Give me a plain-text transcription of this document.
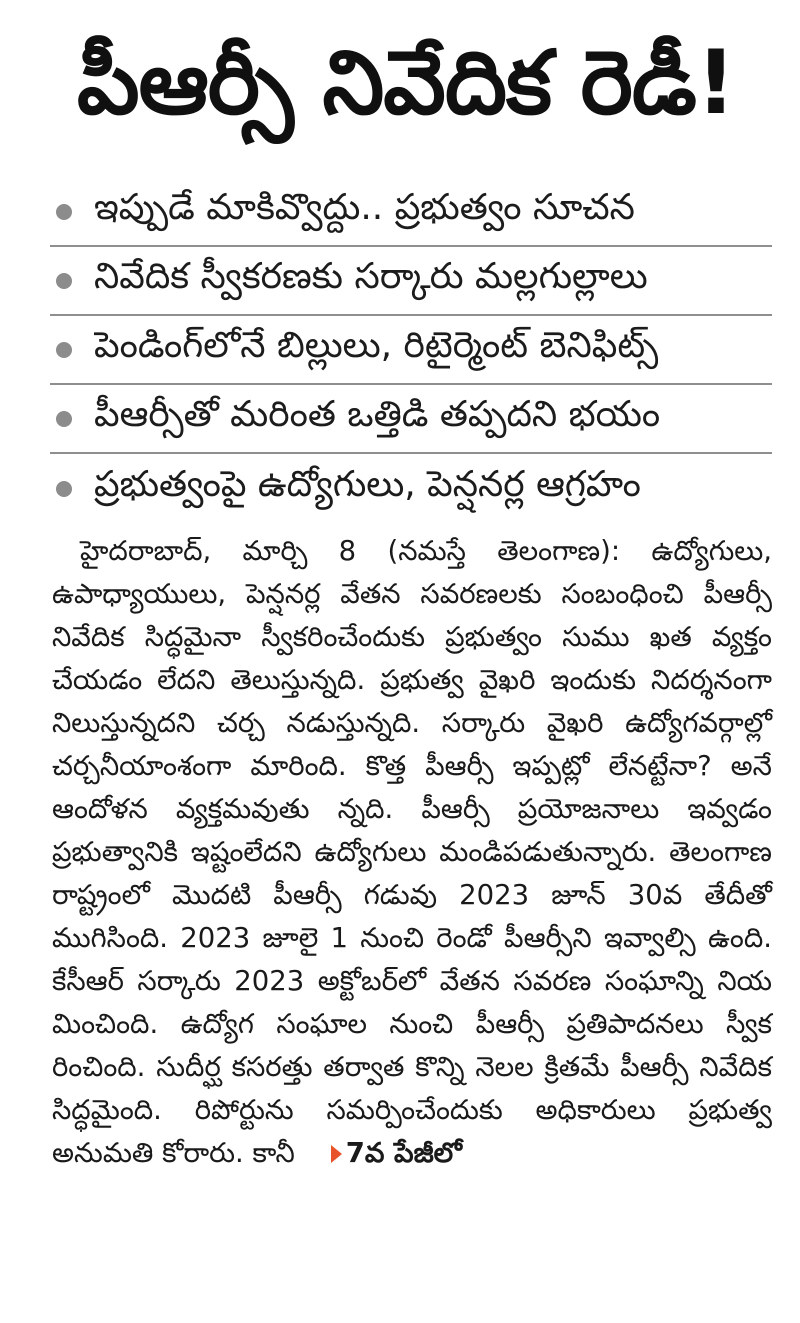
పీఆర్సీ నివేదిక రెడీ!
ఇప్పుడే మాకివ్వొద్దు.. ప్రభుత్వం సూచన
నివేదిక స్వీకరణకు సర్కారు మల్లగుల్లాలు
పెండింగ్‌లోనే బిల్లులు, రిటైర్మెంట్ బెనిఫిట్స్
పీఆర్సీతో మరింత ఒత్తిడి తప్పదని భయం
ప్రభుత్వంపై ఉద్యోగులు, పెన్షనర్ల ఆగ్రహం

హైదరాబాద్, మార్చి 8 (నమస్తే తెలంగాణ): ఉద్యోగులు, ఉపాధ్యాయులు, పెన్షనర్ల వేతన సవరణలకు సంబంధించి పీఆర్సీ నివేదిక సిద్ధమైనా స్వీకరించేందుకు ప్రభుత్వం సుము ఖత వ్యక్తం చేయడం లేదని తెలుస్తున్నది. ప్రభుత్వ వైఖరి ఇందుకు నిదర్శనంగా నిలుస్తున్నదని చర్చ నడుస్తున్నది. సర్కారు వైఖరి ఉద్యోగవర్గాల్లో చర్చనీయాంశంగా మారింది. కొత్త పీఆర్సీ ఇప్పట్లో లేనట్టేనా? అనే ఆందోళన వ్యక్తమవుతు న్నది. పీఆర్సీ ప్రయోజనాలు ఇవ్వడం ప్రభుత్వానికి ఇష్టంలేదని ఉద్యోగులు మండిపడుతున్నారు. తెలంగాణ రాష్ట్రంలో మొదటి పీఆర్సీ గడువు 2023 జూన్ 30వ తేదీతో ముగిసింది. 2023 జూలై 1 నుంచి రెండో పీఆర్సీని ఇవ్వాల్సి ఉంది. కేసీఆర్ సర్కారు 2023 అక్టోబర్‌లో వేతన సవరణ సంఘాన్ని నియ మించింది. ఉద్యోగ సంఘాల నుంచి పీఆర్సీ ప్రతిపాదనలు స్వీక రించింది. సుదీర్ఘ కసరత్తు తర్వాత కొన్ని నెలల క్రితమే పీఆర్సీ నివేదిక సిద్ధమైంది. రిపోర్టును సమర్పించేందుకు అధికారులు ప్రభుత్వ అనుమతి కోరారు. కానీ 7వ పేజీలో
